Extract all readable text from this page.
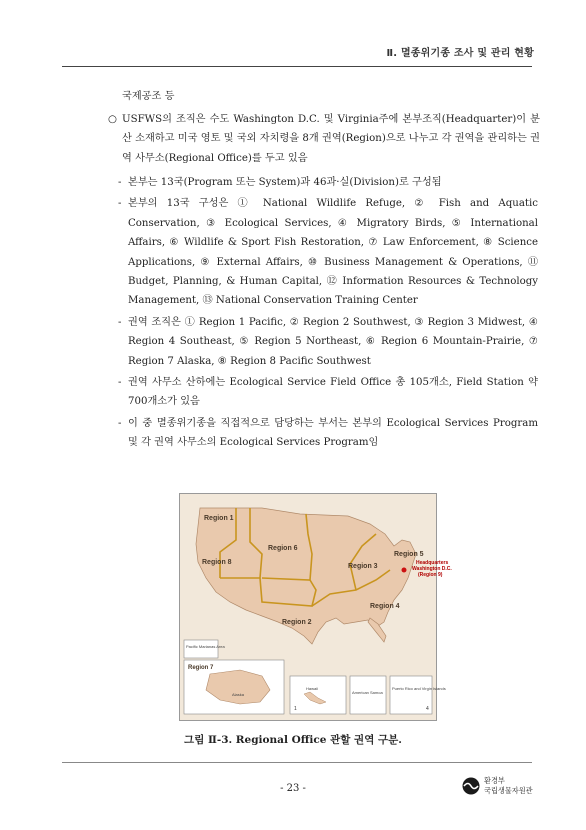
Ⅱ. 멸종위기종 조사 및 관리 현황
국제공조 등
○ USFWS의 조직은 수도 Washington D.C. 및 Virginia주에 본부조직(Headquarter)이 분산 소재하고 미국 영토 및 국외 자치령을 8개 권역(Region)으로 나누고 각 권역을 관리하는 권역 사무소(Regional Office)를 두고 있음
- 본부는 13국(Program 또는 System)과 46과·실(Division)로 구성됨
- 본부의 13국 구성은 ① National Wildlife Refuge, ② Fish and Aquatic Conservation, ③ Ecological Services, ④ Migratory Birds, ⑤ International Affairs, ⑥ Wildlife & Sport Fish Restoration, ⑦ Law Enforcement, ⑧ Science Applications, ⑨ External Affairs, ⑩ Business Management & Operations, ⑪ Budget, Planning, & Human Capital, ⑫ Information Resources & Technology Management, ⑬ National Conservation Training Center
- 권역 조직은 ① Region 1 Pacific, ② Region 2 Southwest, ③ Region 3 Midwest, ④ Region 4 Southeast, ⑤ Region 5 Northeast, ⑥ Region 6 Mountain-Prairie, ⑦ Region 7 Alaska, ⑧ Region 8 Pacific Southwest
- 권역 사무소 산하에는 Ecological Service Field Office 총 105개소, Field Station 약 700개소가 있음
- 이 중 멸종위기종을 직접적으로 담당하는 부서는 본부의 Ecological Services Program 및 각 권역 사무소의 Ecological Services Program임
Region 1
Region 8
Region 6
Region 2
Region 3
Region 4
Region 5
Headquarters
Washington D.C.
(Region 9)
Pacific Marianas Area
Region 7
Alaska
Hawaii
1
American Samoa
Puerto Rico and Virgin Islands
4
그림 Ⅱ-3. Regional Office 관할 권역 구분.
- 23 -
환경부
국립생물자원관
